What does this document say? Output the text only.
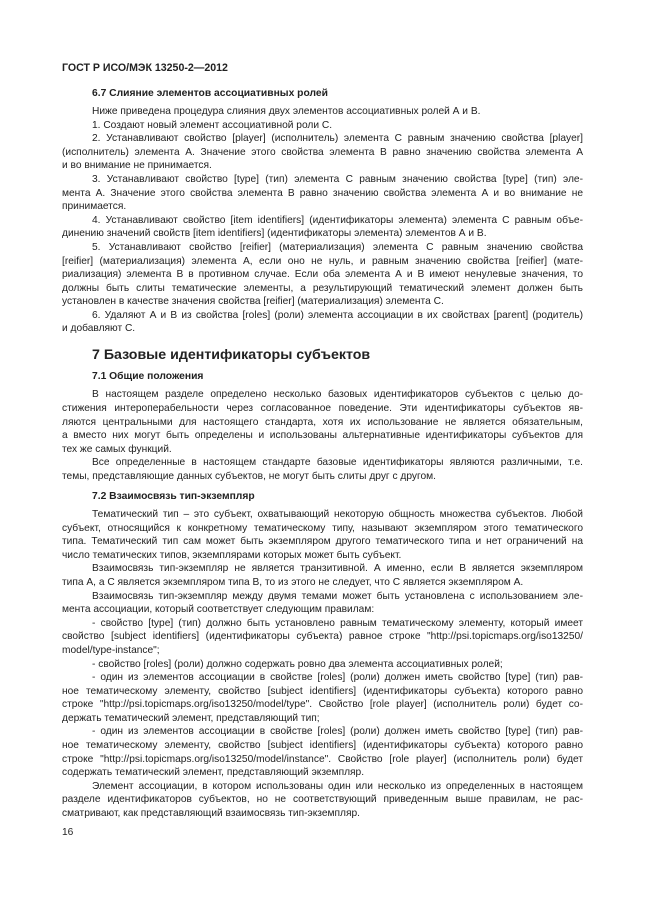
ГОСТ Р ИСО/МЭК 13250-2—2012
6.7 Слияние элементов ассоциативных ролей
Ниже приведена процедура слияния двух элементов ассоциативных ролей А и В.
1. Создают новый элемент ассоциативной роли С.
2. Устанавливают свойство [player] (исполнитель) элемента С равным значению свойства [player]
(исполнитель) элемента А. Значение этого свойства элемента В равно значению свойства элемента А
и во внимание не принимается.
3. Устанавливают свойство [type] (тип) элемента С равным значению свойства [type] (тип) эле-
мента А. Значение этого свойства элемента В равно значению свойства элемента А и во внимание не
принимается.
4. Устанавливают свойство [item identifiers] (идентификаторы элемента) элемента С равным объе-
динению значений свойств [item identifiers] (идентификаторы элемента) элементов А и В.
5. Устанавливают свойство [reifier] (материализация) элемента С равным значению свойства
[reifier] (материализация) элемента А, если оно не нуль, и равным значению свойства [reifier] (мате-
риализация) элемента В в противном случае. Если оба элемента А и В имеют ненулевые значения, то
должны быть слиты тематические элементы, а результирующий тематический элемент должен быть
установлен в качестве значения свойства [reifier] (материализация) элемента С.
6. Удаляют А и В из свойства [roles] (роли) элемента ассоциации в их свойствах [parent] (родитель)
и добавляют С.
7 Базовые идентификаторы субъектов
7.1 Общие положения
В настоящем разделе определено несколько базовых идентификаторов субъектов с целью до-
стижения интероперабельности через согласованное поведение. Эти идентификаторы субъектов яв-
ляются центральными для настоящего стандарта, хотя их использование не является обязательным,
а вместо них могут быть определены и использованы альтернативные идентификаторы субъектов для
тех же самых функций.
Все определенные в настоящем стандарте базовые идентификаторы являются различными, т.е.
темы, представляющие данных субъектов, не могут быть слиты друг с другом.
7.2 Взаимосвязь тип-экземпляр
Тематический тип – это субъект, охватывающий некоторую общность множества субъектов. Любой
субъект, относящийся к конкретному тематическому типу, называют экземпляром этого тематического
типа. Тематический тип сам может быть экземпляром другого тематического типа и нет ограничений на
число тематических типов, экземплярами которых может быть субъект.
Взаимосвязь тип-экземпляр не является транзитивной. А именно, если В является экземпляром
типа А, а С является экземпляром типа В, то из этого не следует, что С является экземпляром А.
Взаимосвязь тип-экземпляр между двумя темами может быть установлена с использованием эле-
мента ассоциации, который соответствует следующим правилам:
- свойство [type] (тип) должно быть установлено равным тематическому элементу, который имеет
свойство [subject identifiers] (идентификаторы субъекта) равное строке "http://psi.topicmaps.org/iso13250/
model/type-instance";
- свойство [roles] (роли) должно содержать ровно два элемента ассоциативных ролей;
- один из элементов ассоциации в свойстве [roles] (роли) должен иметь свойство [type] (тип) рав-
ное тематическому элементу, свойство [subject identifiers] (идентификаторы субъекта) которого равно
строке "http://psi.topicmaps.org/iso13250/model/type". Свойство [role player] (исполнитель роли) будет со-
держать тематический элемент, представляющий тип;
- один из элементов ассоциации в свойстве [roles] (роли) должен иметь свойство [type] (тип) рав-
ное тематическому элементу, свойство [subject identifiers] (идентификаторы субъекта) которого равно
строке "http://psi.topicmaps.org/iso13250/model/instance". Свойство [role player] (исполнитель роли) будет
содержать тематический элемент, представляющий экземпляр.
Элемент ассоциации, в котором использованы один или несколько из определенных в настоящем
разделе идентификаторов субъектов, но не соответствующий приведенным выше правилам, не рас-
сматривают, как представляющий взаимосвязь тип-экземпляр.
16
